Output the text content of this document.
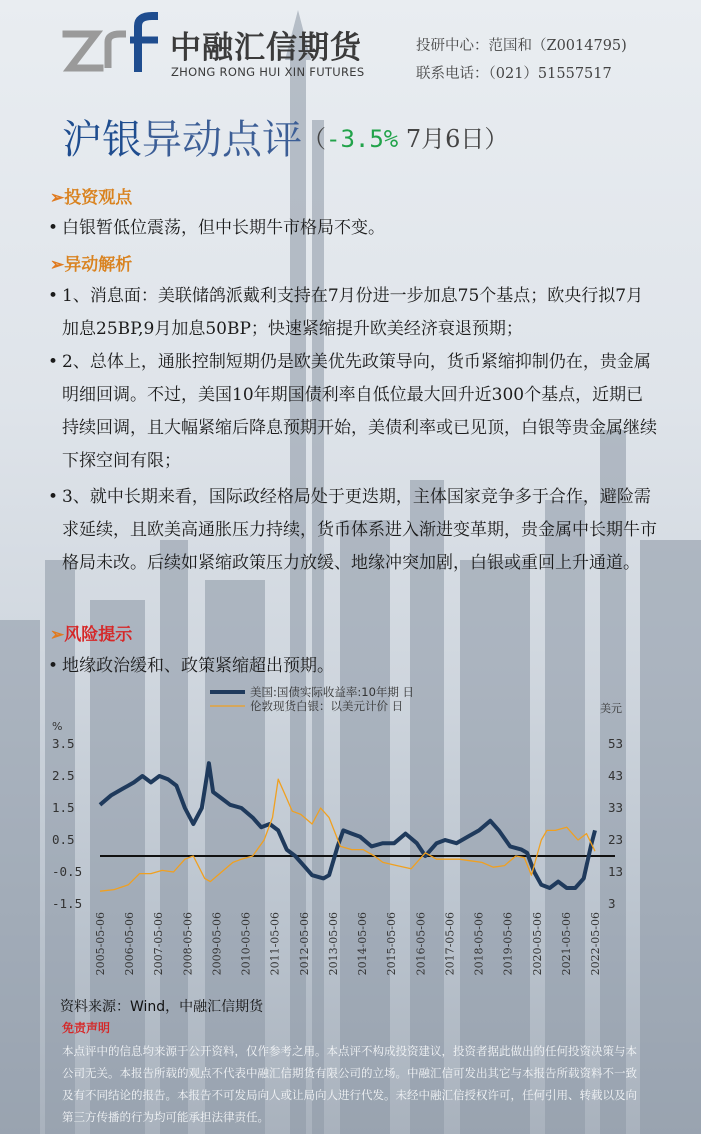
中融汇信期货
ZHONG RONG HUI XIN FUTURES
投研中心：范国和（Z0014795)
联系电话：（021）51557517
沪银异动点评（-3.5% 7月6日）
➢投资观点
• 白银暂低位震荡，但中长期牛市格局不变。
➢异动解析
• 1、消息面：美联储鸽派戴利支持在7月份进一步加息75个基点；欧央行拟7月加息25BP,9月加息50BP；快速紧缩提升欧美经济衰退预期；
• 2、总体上，通胀控制短期仍是欧美优先政策导向，货币紧缩抑制仍在，贵金属明细回调。不过，美国10年期国债利率自低位最大回升近300个基点，近期已持续回调，且大幅紧缩后降息预期开始，美债利率或已见顶，白银等贵金属继续下探空间有限；
• 3、就中长期来看，国际政经格局处于更迭期，主体国家竞争多于合作，避险需求延续，且欧美高通胀压力持续，货币体系进入渐进变革期，贵金属中长期牛市格局未改。后续如紧缩政策压力放缓、地缘冲突加剧，白银或重回上升通道。
➢风险提示
• 地缘政治缓和、政策紧缩超出预期。
美国:国债实际收益率:10年期 日
伦敦现货白银：以美元计价 日
%
美元
3.5
2.5
1.5
0.5
-0.5
-1.5
53
43
33
23
13
3
2005-05-06 2006-05-06 2007-05-06 2008-05-06 2009-05-06 2010-05-06 2011-05-06 2012-05-06 2013-05-06 2014-05-06 2015-05-06 2016-05-06 2017-05-06 2018-05-06 2019-05-06 2020-05-06 2021-05-06 2022-05-06
资料来源：Wind，中融汇信期货
免责声明
本点评中的信息均来源于公开资料，仅作参考之用。本点评不构成投资建议，投资者据此做出的任何投资决策与本公司无关。本报告所载的观点不代表中融汇信期货有限公司的立场。中融汇信可发出其它与本报告所载资料不一致及有不同结论的报告。本报告不可发局向人或让局向人进行代发。未经中融汇信授权许可，任何引用、转载以及向第三方传播的行为均可能承担法律责任。
